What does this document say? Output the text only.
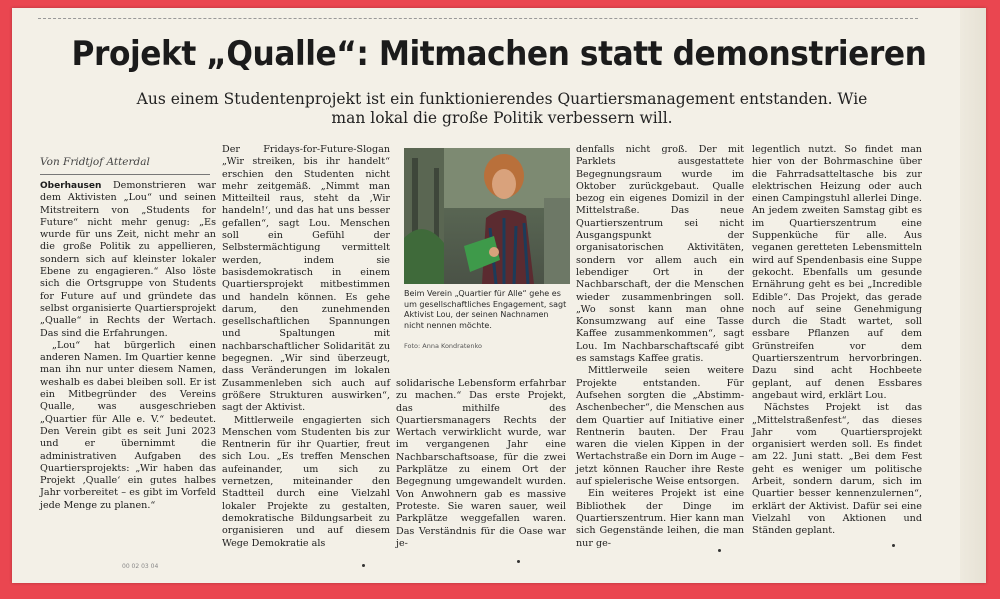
Projekt „Qualle“: Mitmachen statt demonstrieren
Aus einem Studentenprojekt ist ein funktionierendes Quartiersmanagement entstanden. Wie man lokal die große Politik verbessern will.
Von Fridtjof Atterdal

Oberhausen Demonstrieren war dem Aktivisten „Lou“ und seinen Mitstreitern von „Students for Future“ nicht mehr genug: „Es wurde für uns Zeit, nicht mehr an die große Politik zu appellieren, sondern sich auf kleinster lokaler Ebene zu engagieren.“ Also löste sich die Ortsgruppe von Students for Future auf und gründete das selbst organisierte Quartiersprojekt „Qualle“ in Rechts der Wertach. Das sind die Erfahrungen.

„Lou“ hat bürgerlich einen anderen Namen. Im Quartier kenne man ihn nur unter diesem Namen, weshalb es dabei bleiben soll. Er ist ein Mitbegründer des Vereins Qualle, was ausgeschrieben „Quartier für Alle e. V.“ bedeutet. Den Verein gibt es seit Juni 2023 und er übernimmt die administrativen Aufgaben des Quartiersprojekts: „Wir haben das Projekt ‚Qualle‘ ein gutes halbes Jahr vorbereitet – es gibt im Vorfeld jede Menge zu planen.“

Der Fridays-for-Future-Slogan „Wir streiken, bis ihr handelt“ erschien den Studenten nicht mehr zeitgemäß. „Nimmt man Mitteilteil raus, steht da ‚Wir handeln!‘, und das hat uns besser gefallen“, sagt Lou. Menschen soll ein Gefühl der Selbstermächtigung vermittelt werden, indem sie basisdemokratisch in einem Quartiersprojekt mitbestimmen und handeln können. Es gehe darum, den zunehmenden gesellschaftlichen Spannungen und Spaltungen mit nachbarschaftlicher Solidarität zu begegnen. „Wir sind überzeugt, dass Veränderungen im lokalen Zusammenleben sich auch auf größere Strukturen auswirken“, sagt der Aktivist.

Mittlerweile engagierten sich Menschen vom Studenten bis zur Rentnerin für ihr Quartier, freut sich Lou. „Es treffen Menschen aufeinander, um sich zu vernetzen, miteinander den Stadtteil durch eine Vielzahl lokaler Projekte zu gestalten, demokratische Bildungsarbeit zu organisieren und auf diesem Wege Demokratie als

Beim Verein „Quartier für Alle“ gehe es um gesellschaftliches Engagement, sagt Aktivist Lou, der seinen Nachnamen nicht nennen möchte.
Foto: Anna Kondratenko

solidarische Lebensform erfahrbar zu machen.“ Das erste Projekt, das mithilfe des Quartiersmanagers Rechts der Wertach verwirklicht wurde, war im vergangenen Jahr eine Nachbarschaftsoase, für die zwei Parkplätze zu einem Ort der Begegnung umgewandelt wurden. Von Anwohnern gab es massive Proteste. Sie waren sauer, weil Parkplätze weggefallen waren. Das Verständnis für die Oase war je-

denfalls nicht groß. Der mit Parklets ausgestattete Begegnungsraum wurde im Oktober zurückgebaut. Qualle bezog ein eigenes Domizil in der Mittelstraße. Das neue Quartierszentrum sei nicht Ausgangspunkt der organisatorischen Aktivitäten, sondern vor allem auch ein lebendiger Ort in der Nachbarschaft, der die Menschen wieder zusammenbringen soll. „Wo sonst kann man ohne Konsumzwang auf eine Tasse Kaffee zusammenkommen“, sagt Lou. Im Nachbarschaftscafé gibt es samstags Kaffee gratis.

Mittlerweile seien weitere Projekte entstanden. Für Aufsehen sorgten die „Abstimm-Aschenbecher“, die Menschen aus dem Quartier auf Initiative einer Rentnerin bauten. Der Frau waren die vielen Kippen in der Wertachstraße ein Dorn im Auge – jetzt können Raucher ihre Reste auf spielerische Weise entsorgen.

Ein weiteres Projekt ist eine Bibliothek der Dinge im Quartierszentrum. Hier kann man sich Gegenstände leihen, die man nur ge-

legentlich nutzt. So findet man hier von der Bohrmaschine über die Fahrradsatteltasche bis zur elektrischen Heizung oder auch einen Campingstuhl allerlei Dinge. An jedem zweiten Samstag gibt es im Quartierszentrum eine Suppenküche für alle. Aus veganen geretteten Lebensmitteln wird auf Spendenbasis eine Suppe gekocht. Ebenfalls um gesunde Ernährung geht es bei „Incredible Edible“. Das Projekt, das gerade noch auf seine Genehmigung durch die Stadt wartet, soll essbare Pflanzen auf dem Grünstreifen vor dem Quartierszentrum hervorbringen. Dazu sind acht Hochbeete geplant, auf denen Essbares angebaut wird, erklärt Lou.

Nächstes Projekt ist das „Mittelstraßenfest“, das dieses Jahr vom Quartiersprojekt organisiert werden soll. Es findet am 22. Juni statt. „Bei dem Fest geht es weniger um politische Arbeit, sondern darum, sich im Quartier besser kennenzulernen“, erklärt der Aktivist. Dafür sei eine Vielzahl von Aktionen und Ständen geplant.

00 02 03 04
